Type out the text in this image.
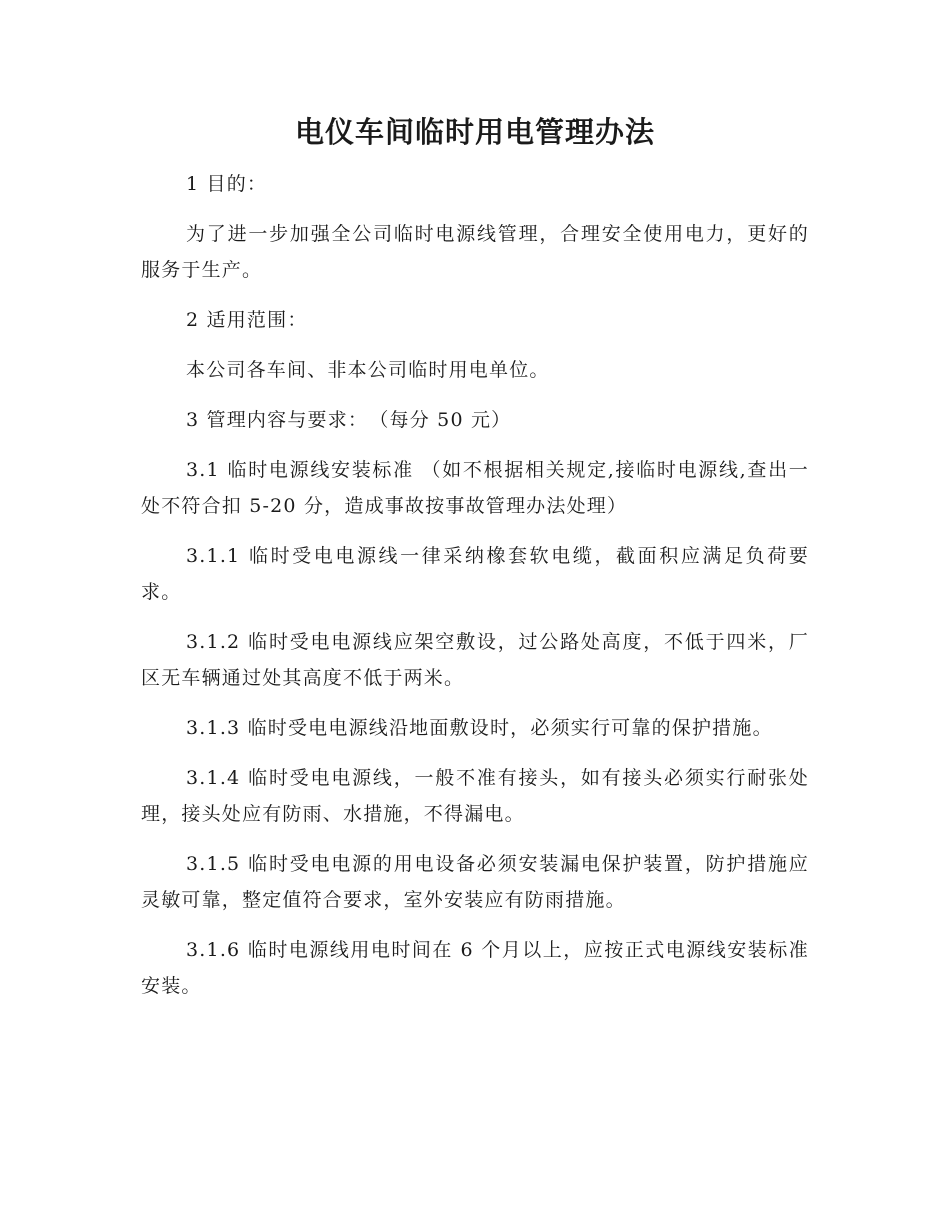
电仪车间临时用电管理办法

1 目的：

为了进一步加强全公司临时电源线管理，合理安全使用电力，更好的服务于生产。

2 适用范围：

本公司各车间、非本公司临时用电单位。

3 管理内容与要求：　（每分 50 元）

3.1 临时电源线安装标准 （如不根据相关规定,接临时电源线,查出一处不符合扣 5-20 分，造成事故按事故管理办法处理）

3.1.1 临时受电电源线一律采纳橡套软电缆，截面积应满足负荷要求。

3.1.2 临时受电电源线应架空敷设，过公路处高度，不低于四米，厂区无车辆通过处其高度不低于两米。

3.1.3 临时受电电源线沿地面敷设时，必须实行可靠的保护措施。

3.1.4 临时受电电源线，一般不准有接头，如有接头必须实行耐张处理，接头处应有防雨、水措施，不得漏电。

3.1.5 临时受电电源的用电设备必须安装漏电保护装置，防护措施应灵敏可靠，整定值符合要求，室外安装应有防雨措施。

3.1.6 临时电源线用电时间在 6 个月以上，应按正式电源线安装标准安装。
